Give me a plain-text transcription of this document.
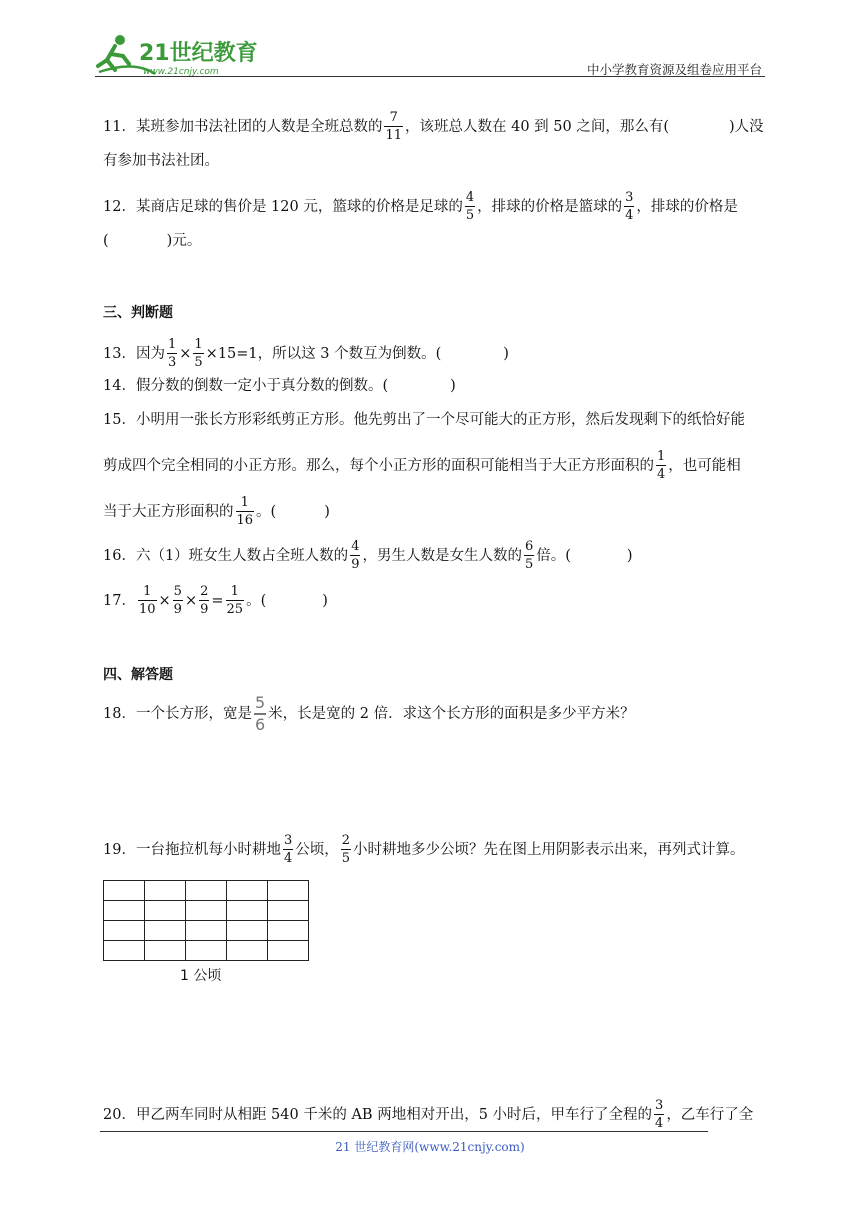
21世纪教育
www.21cnjy.com	中小学教育资源及组卷应用平台
11．某班参加书法社团的人数是全班总数的 $\frac{7}{11}$ ，该班总人数在 40 到 50 之间，那么有(	)人没
有参加书法社团。
12．某商店足球的售价是 120 元，篮球的价格是足球的 $\frac{4}{5}$ ，排球的价格是篮球的 $\frac{3}{4}$ ，排球的价格是
(	)元。
三、判断题
13．因为 $\frac{1}{3} \times \frac{1}{5} \times 15=1$，所以这 3 个数互为倒数。(	)
14．假分数的倒数一定小于真分数的倒数。(	)
15．小明用一张长方形彩纸剪正方形。他先剪出了一个尽可能大的正方形，然后发现剩下的纸恰好能
剪成四个完全相同的小正方形。那么，每个小正方形的面积可能相当于大正方形面积的 $\frac{1}{4}$ ，也可能相
当于大正方形面积的 $\frac{1}{16}$ 。(	)
16．六（1）班女生人数占全班人数的 $\frac{4}{9}$ ，男生人数是女生人数的 $\frac{6}{5}$ 倍。(	)
17． $\frac{1}{10} \times \frac{5}{9} \times \frac{2}{9} = \frac{1}{25}$ 。(	)
四、解答题
18．一个长方形，宽是 $\frac{5}{6}$ 米，长是宽的 2 倍．求这个长方形的面积是多少平方米？
19．一台拖拉机每小时耕地 $\frac{3}{4}$ 公顷， $\frac{2}{5}$ 小时耕地多少公顷？先在图上用阴影表示出来，再列式计算。

1 公顷
20．甲乙两车同时从相距 540 千米的 AB 两地相对开出，5 小时后，甲车行了全程的 $\frac{3}{4}$ ，乙车行了全
21 世纪教育网(www.21cnjy.com)
